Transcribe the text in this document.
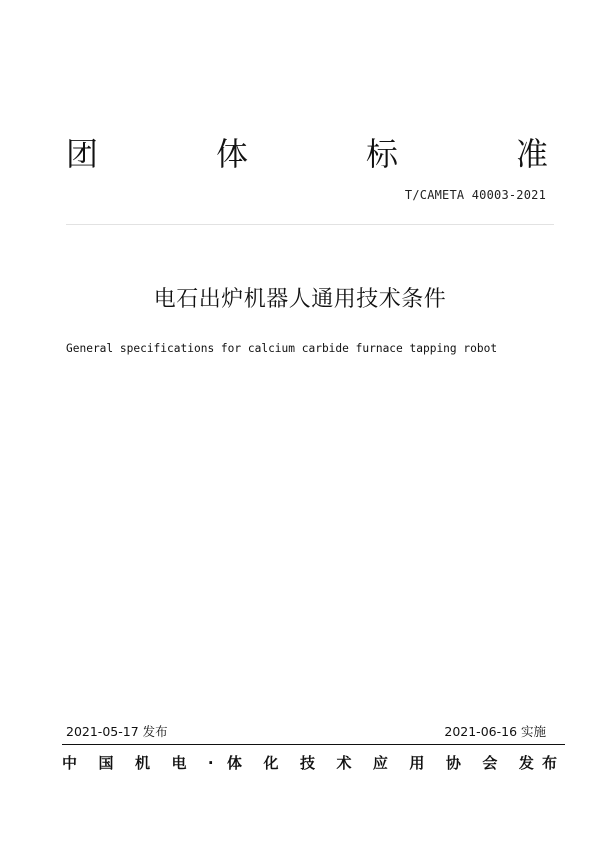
团	体	标	准
T/CAMETA 40003-2021
电石出炉机器人通用技术条件
General specifications for calcium carbide furnace tapping robot
2021-05-17 发布	2021-06-16 实施
中 国 机 电 · 体 化 技 术 应 用 协 会 发布
